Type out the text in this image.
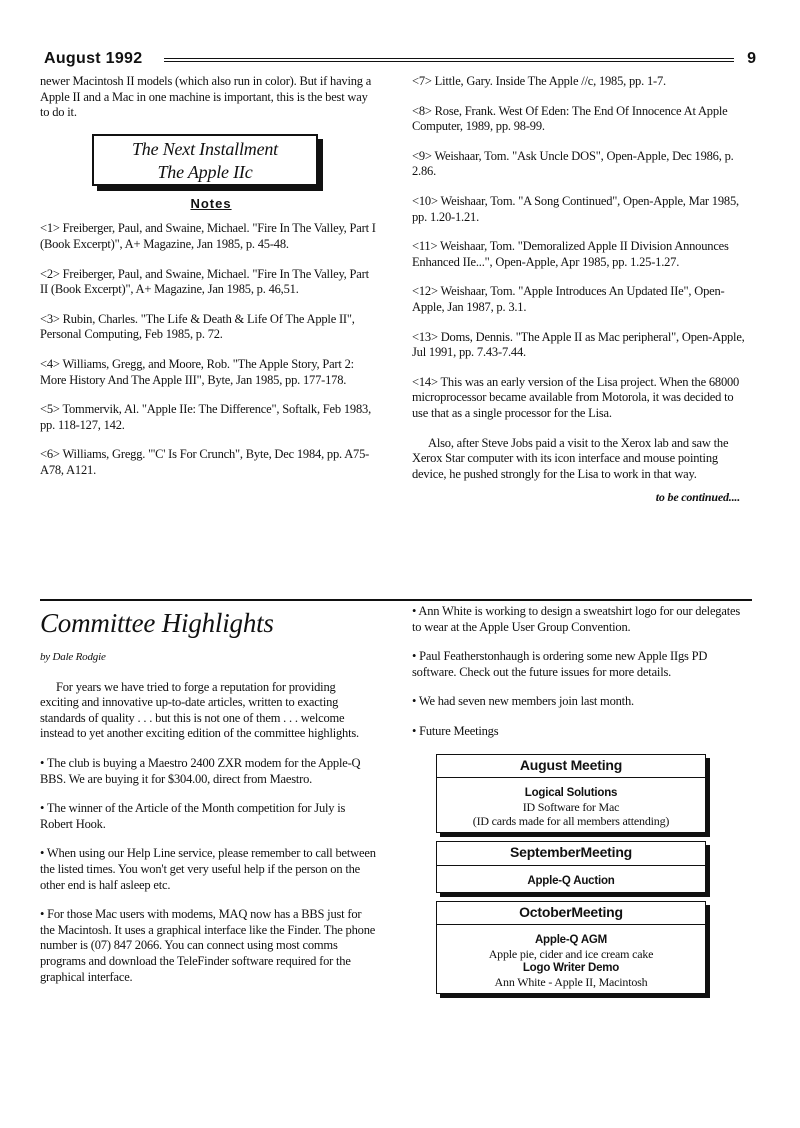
August 1992	9

newer Macintosh II models (which also run in color). But if having a Apple II and a Mac in one machine is important, this is the best way to do it.

The Next Installment
The Apple IIc

Notes

<1> Freiberger, Paul, and Swaine, Michael. "Fire In The Valley, Part I (Book Excerpt)", A+ Magazine, Jan 1985, p. 45-48.

<2> Freiberger, Paul, and Swaine, Michael. "Fire In The Valley, Part II (Book Excerpt)", A+ Magazine, Jan 1985, p. 46,51.

<3> Rubin, Charles. "The Life & Death & Life Of The Apple II", Personal Computing, Feb 1985, p. 72.

<4> Williams, Gregg, and Moore, Rob. "The Apple Story, Part 2: More History And The Apple III", Byte, Jan 1985, pp. 177-178.

<5> Tommervik, Al. "Apple IIe: The Difference", Softalk, Feb 1983, pp. 118-127, 142.

<6> Williams, Gregg. "'C' Is For Crunch", Byte, Dec 1984, pp. A75-A78, A121.

<7> Little, Gary. Inside The Apple //c, 1985, pp. 1-7.

<8> Rose, Frank. West Of Eden: The End Of Innocence At Apple Computer, 1989, pp. 98-99.

<9> Weishaar, Tom. "Ask Uncle DOS", Open-Apple, Dec 1986, p. 2.86.

<10> Weishaar, Tom. "A Song Continued", Open-Apple, Mar 1985, pp. 1.20-1.21.

<11> Weishaar, Tom. "Demoralized Apple II Division Announces Enhanced IIe...", Open-Apple, Apr 1985, pp. 1.25-1.27.

<12> Weishaar, Tom. "Apple Introduces An Updated IIe", Open-Apple, Jan 1987, p. 3.1.

<13> Doms, Dennis. "The Apple II as Mac peripheral", Open-Apple, Jul 1991, pp. 7.43-7.44.

<14> This was an early version of the Lisa project. When the 68000 microprocessor became available from Motorola, it was decided to use that as a single processor for the Lisa.

Also, after Steve Jobs paid a visit to the Xerox lab and saw the Xerox Star computer with its icon interface and mouse pointing device, he pushed strongly for the Lisa to work in that way.

to be continued....

Committee Highlights

by Dale Rodgie

For years we have tried to forge a reputation for providing exciting and innovative up-to-date articles, written to exacting standards of quality . . . but this is not one of them . . . welcome instead to yet another exciting edition of the committee highlights.

• The club is buying a Maestro 2400 ZXR modem for the Apple-Q BBS. We are buying it for $304.00, direct from Maestro.

• The winner of the Article of the Month competition for July is Robert Hook.

• When using our Help Line service, please remember to call between the listed times. You won't get very useful help if the person on the other end is half asleep etc.

• For those Mac users with modems, MAQ now has a BBS just for the Macintosh. It uses a graphical interface like the Finder. The phone number is (07) 847 2066. You can connect using most comms programs and download the TeleFinder software required for the graphical interface.

• Ann White is working to design a sweatshirt logo for our delegates to wear at the Apple User Group Convention.

• Paul Featherstonhaugh is ordering some new Apple IIgs PD software. Check out the future issues for more details.

• We had seven new members join last month.

• Future Meetings

August Meeting

Logical Solutions
ID Software for Mac
(ID cards made for all members attending)

SeptemberMeeting

Apple-Q Auction

OctoberMeeting

Apple-Q AGM
Apple pie, cider and ice cream cake
Logo Writer Demo
Ann White - Apple II, Macintosh
